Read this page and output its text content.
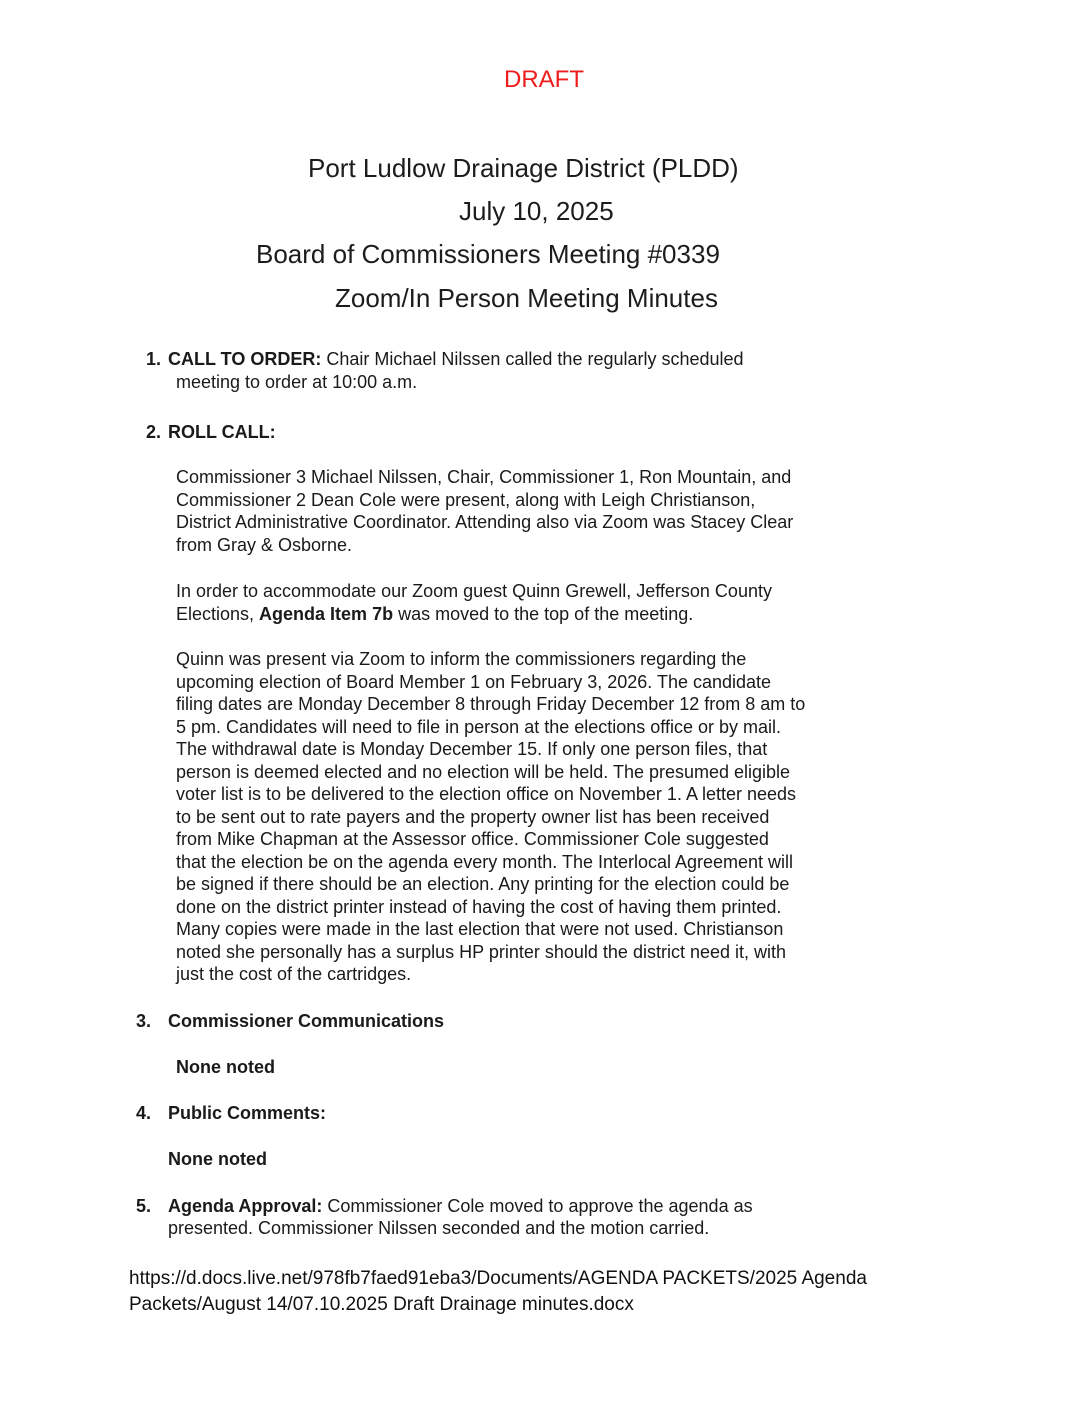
DRAFT
Port Ludlow Drainage District (PLDD)
July 10, 2025
Board of Commissioners Meeting #0339
Zoom/In Person Meeting Minutes
1. CALL TO ORDER: Chair Michael Nilssen called the regularly scheduled
meeting to order at 10:00 a.m.
2. ROLL CALL:
Commissioner 3 Michael Nilssen, Chair, Commissioner 1, Ron Mountain, and
Commissioner 2 Dean Cole were present, along with Leigh Christianson,
District Administrative Coordinator. Attending also via Zoom was Stacey Clear
from Gray & Osborne.
In order to accommodate our Zoom guest Quinn Grewell, Jefferson County
Elections, Agenda Item 7b was moved to the top of the meeting.
Quinn was present via Zoom to inform the commissioners regarding the
upcoming election of Board Member 1 on February 3, 2026. The candidate
filing dates are Monday December 8 through Friday December 12 from 8 am to
5 pm. Candidates will need to file in person at the elections office or by mail.
The withdrawal date is Monday December 15. If only one person files, that
person is deemed elected and no election will be held. The presumed eligible
voter list is to be delivered to the election office on November 1. A letter needs
to be sent out to rate payers and the property owner list has been received
from Mike Chapman at the Assessor office. Commissioner Cole suggested
that the election be on the agenda every month. The Interlocal Agreement will
be signed if there should be an election. Any printing for the election could be
done on the district printer instead of having the cost of having them printed.
Many copies were made in the last election that were not used. Christianson
noted she personally has a surplus HP printer should the district need it, with
just the cost of the cartridges.
3. Commissioner Communications
None noted
4. Public Comments:
None noted
5. Agenda Approval: Commissioner Cole moved to approve the agenda as
presented. Commissioner Nilssen seconded and the motion carried.
https://d.docs.live.net/978fb7faed91eba3/Documents/AGENDA PACKETS/2025 Agenda
Packets/August 14/07.10.2025 Draft Drainage minutes.docx
